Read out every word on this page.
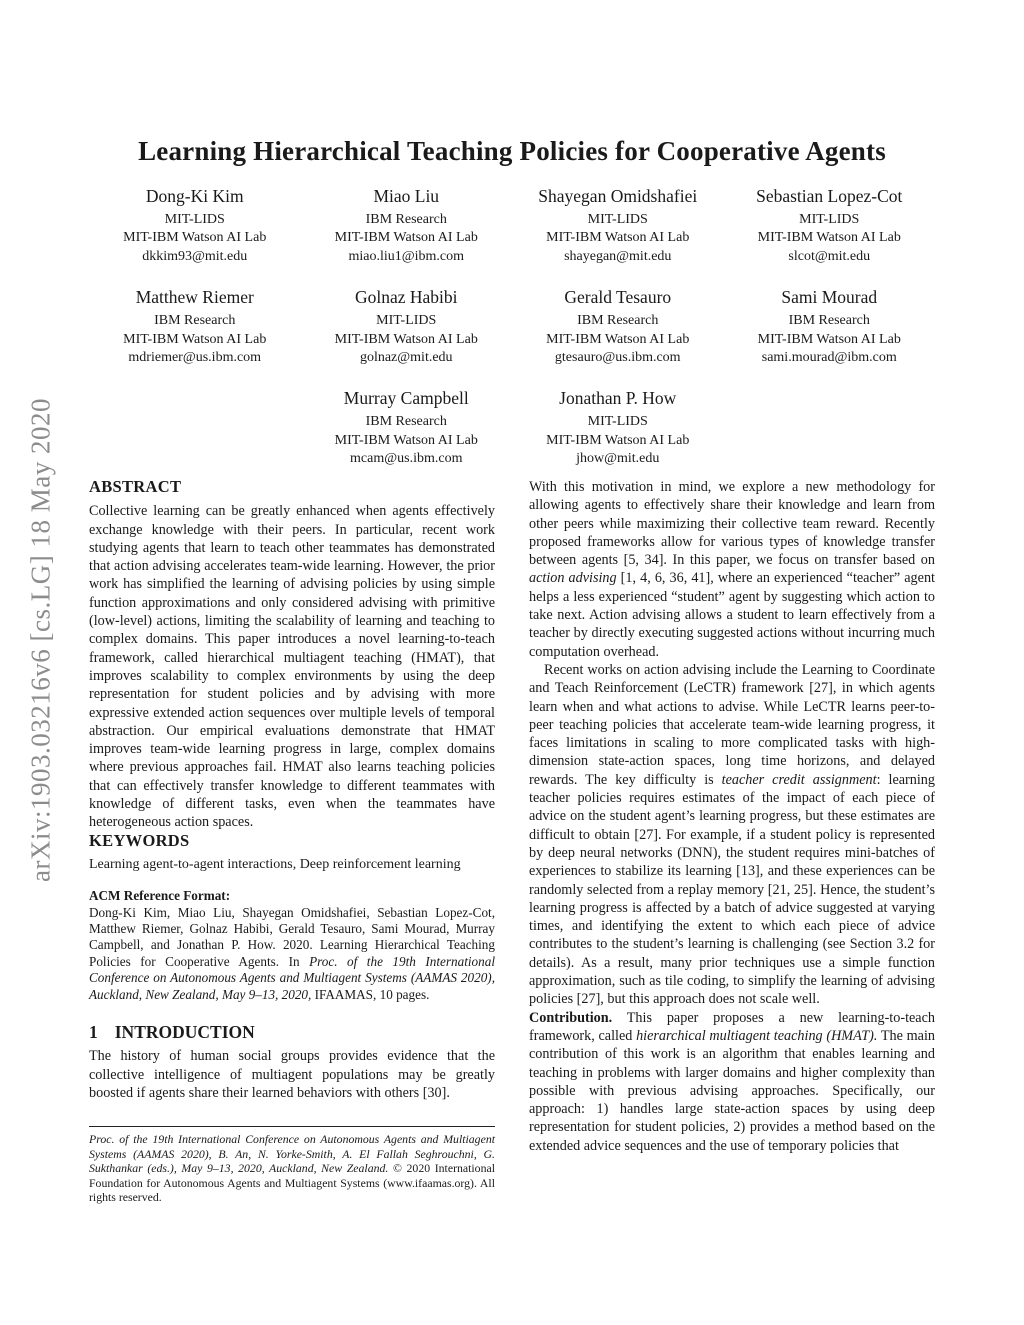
arXiv:1903.03216v6 [cs.LG] 18 May 2020
Learning Hierarchical Teaching Policies for Cooperative Agents
Dong-Ki Kim
MIT-LIDS
MIT-IBM Watson AI Lab
dkkim93@mit.edu
Miao Liu
IBM Research
MIT-IBM Watson AI Lab
miao.liu1@ibm.com
Shayegan Omidshafiei
MIT-LIDS
MIT-IBM Watson AI Lab
shayegan@mit.edu
Sebastian Lopez-Cot
MIT-LIDS
MIT-IBM Watson AI Lab
slcot@mit.edu
Matthew Riemer
IBM Research
MIT-IBM Watson AI Lab
mdriemer@us.ibm.com
Golnaz Habibi
MIT-LIDS
MIT-IBM Watson AI Lab
golnaz@mit.edu
Gerald Tesauro
IBM Research
MIT-IBM Watson AI Lab
gtesauro@us.ibm.com
Sami Mourad
IBM Research
MIT-IBM Watson AI Lab
sami.mourad@ibm.com
Murray Campbell
IBM Research
MIT-IBM Watson AI Lab
mcam@us.ibm.com
Jonathan P. How
MIT-LIDS
MIT-IBM Watson AI Lab
jhow@mit.edu
ABSTRACT

Collective learning can be greatly enhanced when agents effectively exchange knowledge with their peers. In particular, recent work studying agents that learn to teach other teammates has demonstrated that action advising accelerates team-wide learning. However, the prior work has simplified the learning of advising policies by using simple function approximations and only considered advising with primitive (low-level) actions, limiting the scalability of learning and teaching to complex domains. This paper introduces a novel learning-to-teach framework, called hierarchical multiagent teaching (HMAT), that improves scalability to complex environments by using the deep representation for student policies and by advising with more expressive extended action sequences over multiple levels of temporal abstraction. Our empirical evaluations demonstrate that HMAT improves team-wide learning progress in large, complex domains where previous approaches fail. HMAT also learns teaching policies that can effectively transfer knowledge to different teammates with knowledge of different tasks, even when the teammates have heterogeneous action spaces.

KEYWORDS

Learning agent-to-agent interactions, Deep reinforcement learning

ACM Reference Format:
Dong-Ki Kim, Miao Liu, Shayegan Omidshafiei, Sebastian Lopez-Cot, Matthew Riemer, Golnaz Habibi, Gerald Tesauro, Sami Mourad, Murray Campbell, and Jonathan P. How. 2020. Learning Hierarchical Teaching Policies for Cooperative Agents. In Proc. of the 19th International Conference on Autonomous Agents and Multiagent Systems (AAMAS 2020), Auckland, New Zealand, May 9–13, 2020, IFAAMAS, 10 pages.

1 INTRODUCTION

The history of human social groups provides evidence that the collective intelligence of multiagent populations may be greatly boosted if agents share their learned behaviors with others [30].

With this motivation in mind, we explore a new methodology for allowing agents to effectively share their knowledge and learn from other peers while maximizing their collective team reward. Recently proposed frameworks allow for various types of knowledge transfer between agents [5, 34]. In this paper, we focus on transfer based on action advising [1, 4, 6, 36, 41], where an experienced “teacher” agent helps a less experienced “student” agent by suggesting which action to take next. Action advising allows a student to learn effectively from a teacher by directly executing suggested actions without incurring much computation overhead.

Recent works on action advising include the Learning to Coordinate and Teach Reinforcement (LeCTR) framework [27], in which agents learn when and what actions to advise. While LeCTR learns peer-to-peer teaching policies that accelerate team-wide learning progress, it faces limitations in scaling to more complicated tasks with high-dimension state-action spaces, long time horizons, and delayed rewards. The key difficulty is teacher credit assignment: learning teacher policies requires estimates of the impact of each piece of advice on the student agent’s learning progress, but these estimates are difficult to obtain [27]. For example, if a student policy is represented by deep neural networks (DNN), the student requires mini-batches of experiences to stabilize its learning [13], and these experiences can be randomly selected from a replay memory [21, 25]. Hence, the student’s learning progress is affected by a batch of advice suggested at varying times, and identifying the extent to which each piece of advice contributes to the student’s learning is challenging (see Section 3.2 for details). As a result, many prior techniques use a simple function approximation, such as tile coding, to simplify the learning of advising policies [27], but this approach does not scale well.

Contribution. This paper proposes a new learning-to-teach framework, called hierarchical multiagent teaching (HMAT). The main contribution of this work is an algorithm that enables learning and teaching in problems with larger domains and higher complexity than possible with previous advising approaches. Specifically, our approach: 1) handles large state-action spaces by using deep representation for student policies, 2) provides a method based on the extended advice sequences and the use of temporary policies that

Proc. of the 19th International Conference on Autonomous Agents and Multiagent Systems (AAMAS 2020), B. An, N. Yorke-Smith, A. El Fallah Seghrouchni, G. Sukthankar (eds.), May 9–13, 2020, Auckland, New Zealand. © 2020 International Foundation for Autonomous Agents and Multiagent Systems (www.ifaamas.org). All rights reserved.
